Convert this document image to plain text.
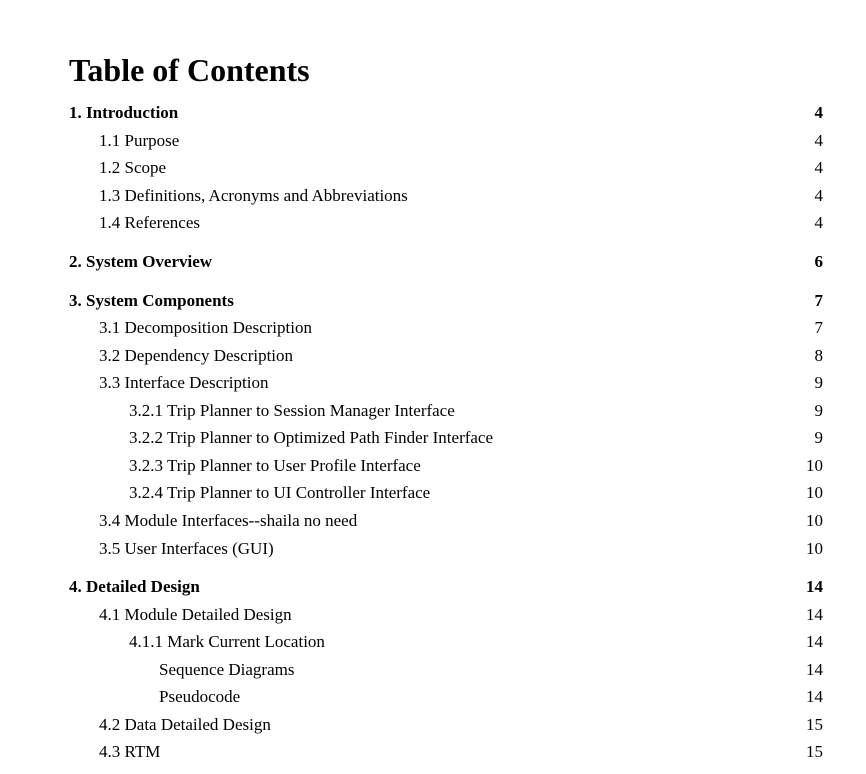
Table of Contents
1. Introduction	4
1.1 Purpose	4
1.2 Scope	4
1.3 Definitions, Acronyms and Abbreviations	4
1.4 References	4
2. System Overview	6
3. System Components	7
3.1 Decomposition Description	7
3.2 Dependency Description	8
3.3 Interface Description	9
3.2.1 Trip Planner to Session Manager Interface	9
3.2.2 Trip Planner to Optimized Path Finder Interface	9
3.2.3 Trip Planner to User Profile Interface	10
3.2.4 Trip Planner to UI Controller Interface	10
3.4 Module Interfaces--shaila no need	10
3.5 User Interfaces (GUI)	10
4. Detailed Design	14
4.1 Module Detailed Design	14
4.1.1 Mark Current Location	14
Sequence Diagrams	14
Pseudocode	14
4.2 Data Detailed Design	15
4.3 RTM	15
